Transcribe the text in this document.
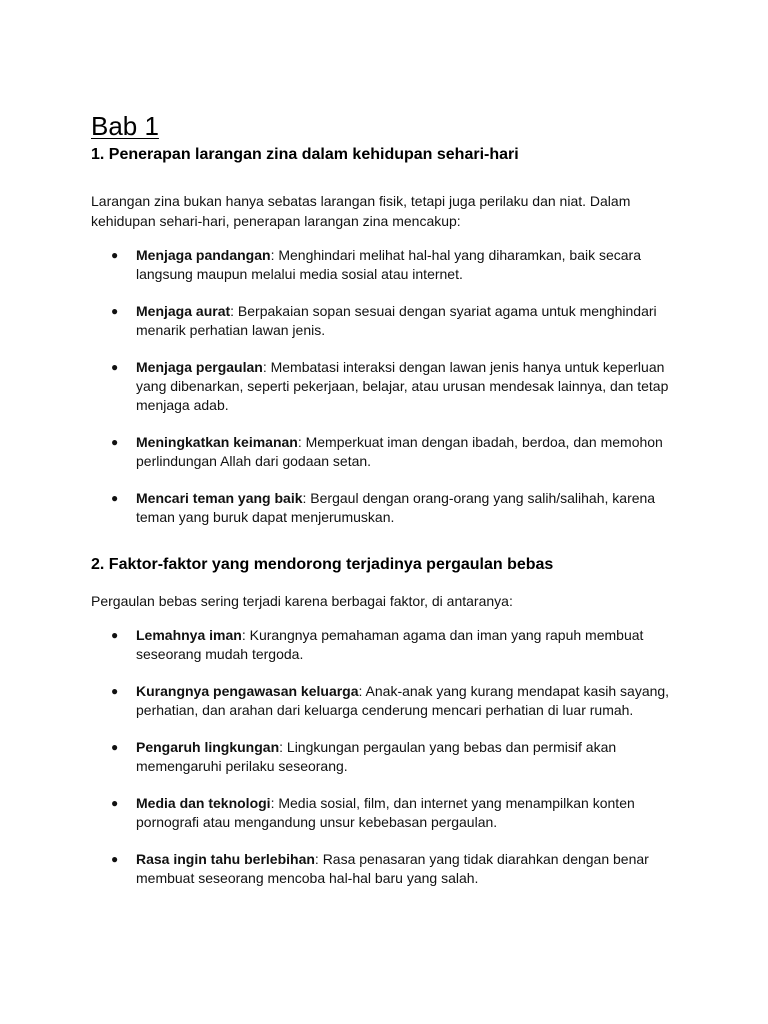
Bab 1
1. Penerapan larangan zina dalam kehidupan sehari-hari

Larangan zina bukan hanya sebatas larangan fisik, tetapi juga perilaku dan niat. Dalam kehidupan sehari-hari, penerapan larangan zina mencakup:

● Menjaga pandangan: Menghindari melihat hal-hal yang diharamkan, baik secara langsung maupun melalui media sosial atau internet.
● Menjaga aurat: Berpakaian sopan sesuai dengan syariat agama untuk menghindari menarik perhatian lawan jenis.
● Menjaga pergaulan: Membatasi interaksi dengan lawan jenis hanya untuk keperluan yang dibenarkan, seperti pekerjaan, belajar, atau urusan mendesak lainnya, dan tetap menjaga adab.
● Meningkatkan keimanan: Memperkuat iman dengan ibadah, berdoa, dan memohon perlindungan Allah dari godaan setan.
● Mencari teman yang baik: Bergaul dengan orang-orang yang salih/salihah, karena teman yang buruk dapat menjerumuskan.
2. Faktor-faktor yang mendorong terjadinya pergaulan bebas

Pergaulan bebas sering terjadi karena berbagai faktor, di antaranya:

● Lemahnya iman: Kurangnya pemahaman agama dan iman yang rapuh membuat seseorang mudah tergoda.
● Kurangnya pengawasan keluarga: Anak-anak yang kurang mendapat kasih sayang, perhatian, dan arahan dari keluarga cenderung mencari perhatian di luar rumah.
● Pengaruh lingkungan: Lingkungan pergaulan yang bebas dan permisif akan memengaruhi perilaku seseorang.
● Media dan teknologi: Media sosial, film, dan internet yang menampilkan konten pornografi atau mengandung unsur kebebasan pergaulan.
● Rasa ingin tahu berlebihan: Rasa penasaran yang tidak diarahkan dengan benar membuat seseorang mencoba hal-hal baru yang salah.
